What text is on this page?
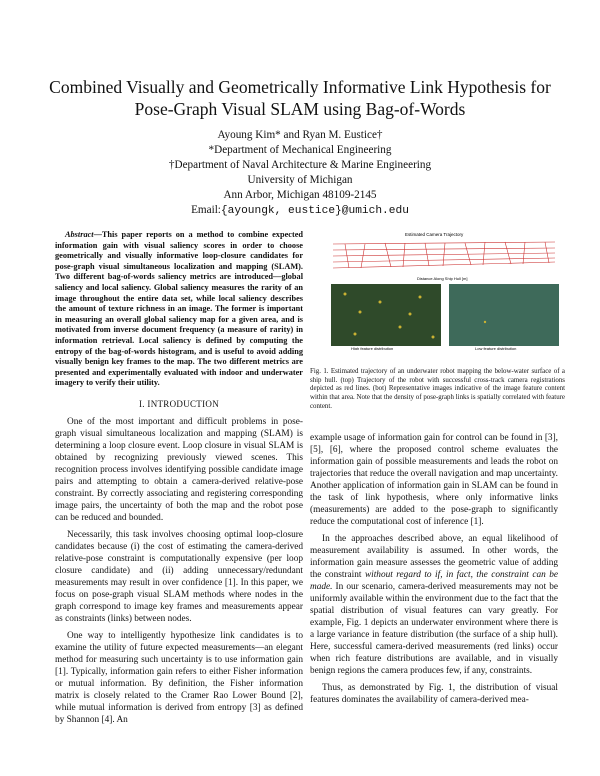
Combined Visually and Geometrically Informative Link Hypothesis for
Pose-Graph Visual SLAM using Bag-of-Words
Ayoung Kim* and Ryan M. Eustice†
*Department of Mechanical Engineering
†Department of Naval Architecture & Marine Engineering
University of Michigan
Ann Arbor, Michigan 48109-2145
Email:{ayoungk, eustice}@umich.edu

Abstract—This paper reports on a method to combine expected information gain with visual saliency scores in order to choose geometrically and visually informative loop-closure candidates for pose-graph visual simultaneous localization and mapping (SLAM). Two different bag-of-words saliency metrics are introduced—global saliency and local saliency. Global saliency measures the rarity of an image throughout the entire data set, while local saliency describes the amount of texture richness in an image. The former is important in measuring an overall global saliency map for a given area, and is motivated from inverse document frequency (a measure of rarity) in information retrieval. Local saliency is defined by computing the entropy of the bag-of-words histogram, and is useful to avoid adding visually benign key frames to the map. The two different metrics are presented and experimentally evaluated with indoor and underwater imagery to verify their utility.

I. INTRODUCTION

One of the most important and difficult problems in pose-graph visual simultaneous localization and mapping (SLAM) is determining a loop closure event. Loop closure in visual SLAM is obtained by recognizing previously viewed scenes. This recognition process involves identifying possible candidate image pairs and attempting to obtain a camera-derived relative-pose constraint. By correctly associating and registering corresponding image pairs, the uncertainty of both the map and the robot pose can be reduced and bounded.

Necessarily, this task involves choosing optimal loop-closure candidates because (i) the cost of estimating the camera-derived relative-pose constraint is computationally expensive (per loop closure candidate) and (ii) adding unnecessary/redundant measurements may result in over confidence [1]. In this paper, we focus on pose-graph visual SLAM methods where nodes in the graph correspond to image key frames and measurements appear as constraints (links) between nodes.

One way to intelligently hypothesize link candidates is to examine the utility of future expected measurements—an elegant method for measuring such uncertainty is to use information gain [1]. Typically, information gain refers to either Fisher information or mutual information. By definition, the Fisher information matrix is closely related to the Cramer Rao Lower Bound [2], while mutual information is derived from entropy [3] as defined by Shannon [4]. An

Estimated Camera Trajectory
Distance Along Ship Hull [m]
High feature distribution	Low feature distribution
Fig. 1. Estimated trajectory of an underwater robot mapping the below-water surface of a ship hull. (top) Trajectory of the robot with successful cross-track camera registrations depicted as red lines. (bot) Representative images indicative of the image feature content within that area. Note that the density of pose-graph links is spatially correlated with feature content.

example usage of information gain for control can be found in [3], [5], [6], where the proposed control scheme evaluates the information gain of possible measurements and leads the robot on trajectories that reduce the overall navigation and map uncertainty. Another application of information gain in SLAM can be found in the task of link hypothesis, where only informative links (measurements) are added to the pose-graph to significantly reduce the computational cost of inference [1].

In the approaches described above, an equal likelihood of measurement availability is assumed. In other words, the information gain measure assesses the geometric value of adding the constraint without regard to if, in fact, the constraint can be made. In our scenario, camera-derived measurements may not be uniformly available within the environment due to the fact that the spatial distribution of visual features can vary greatly. For example, Fig. 1 depicts an underwater environment where there is a large variance in feature distribution (the surface of a ship hull). Here, successful camera-derived measurements (red links) occur when rich feature distributions are available, and in visually benign regions the camera produces few, if any, constraints.

Thus, as demonstrated by Fig. 1, the distribution of visual features dominates the availability of camera-derived mea-
